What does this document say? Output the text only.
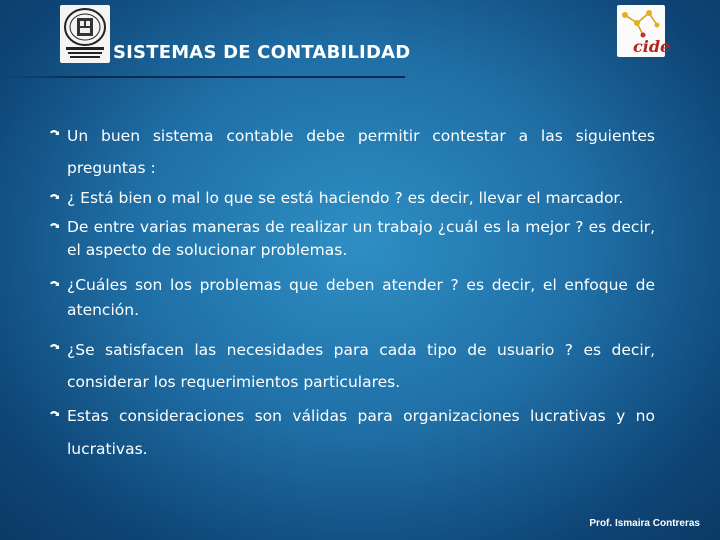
cide
SISTEMAS DE CONTABILIDAD
Un buen sistema contable debe permitir contestar a las siguientes preguntas :
¿ Está bien o mal lo que se está haciendo ? es decir, llevar el marcador.
De entre varias maneras de realizar un trabajo ¿cuál es la mejor ? es decir, el aspecto de solucionar problemas.
¿Cuáles son los problemas que deben atender ? es decir, el enfoque de atención.
¿Se satisfacen las necesidades para cada tipo de usuario ? es decir, considerar los requerimientos particulares.
Estas consideraciones son válidas para organizaciones lucrativas y no lucrativas.
Prof. Ismaira Contreras
